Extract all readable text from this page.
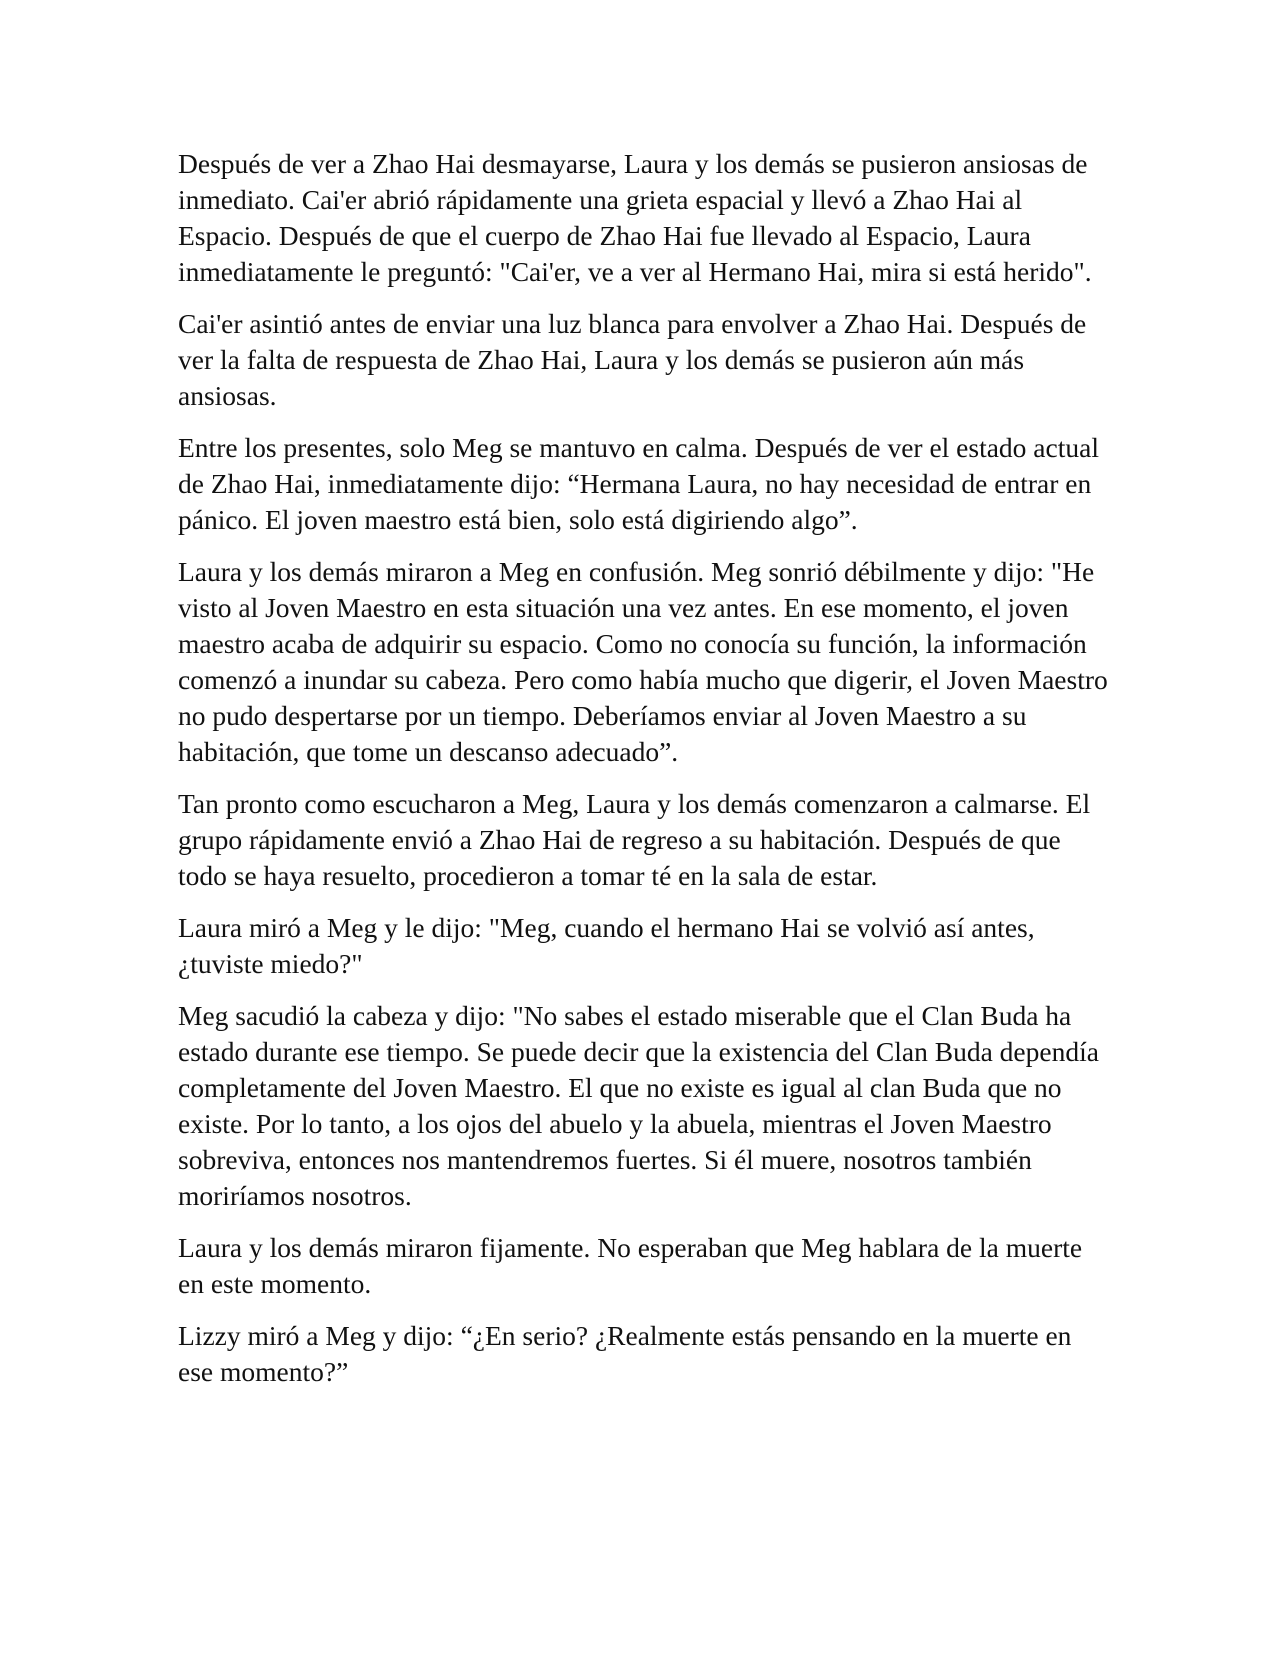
Después de ver a Zhao Hai desmayarse, Laura y los demás se pusieron ansiosas de inmediato. Cai'er abrió rápidamente una grieta espacial y llevó a Zhao Hai al Espacio. Después de que el cuerpo de Zhao Hai fue llevado al Espacio, Laura inmediatamente le preguntó: "Cai'er, ve a ver al Hermano Hai, mira si está herido".

Cai'er asintió antes de enviar una luz blanca para envolver a Zhao Hai. Después de ver la falta de respuesta de Zhao Hai, Laura y los demás se pusieron aún más ansiosas.

Entre los presentes, solo Meg se mantuvo en calma. Después de ver el estado actual de Zhao Hai, inmediatamente dijo: “Hermana Laura, no hay necesidad de entrar en pánico. El joven maestro está bien, solo está digiriendo algo”.

Laura y los demás miraron a Meg en confusión. Meg sonrió débilmente y dijo: "He visto al Joven Maestro en esta situación una vez antes. En ese momento, el joven maestro acaba de adquirir su espacio. Como no conocía su función, la información comenzó a inundar su cabeza. Pero como había mucho que digerir, el Joven Maestro no pudo despertarse por un tiempo. Deberíamos enviar al Joven Maestro a su habitación, que tome un descanso adecuado”.

Tan pronto como escucharon a Meg, Laura y los demás comenzaron a calmarse. El grupo rápidamente envió a Zhao Hai de regreso a su habitación. Después de que todo se haya resuelto, procedieron a tomar té en la sala de estar.

Laura miró a Meg y le dijo: "Meg, cuando el hermano Hai se volvió así antes, ¿tuviste miedo?"

Meg sacudió la cabeza y dijo: "No sabes el estado miserable que el Clan Buda ha estado durante ese tiempo. Se puede decir que la existencia del Clan Buda dependía completamente del Joven Maestro. El que no existe es igual al clan Buda que no existe. Por lo tanto, a los ojos del abuelo y la abuela, mientras el Joven Maestro sobreviva, entonces nos mantendremos fuertes. Si él muere, nosotros también moriríamos nosotros.

Laura y los demás miraron fijamente. No esperaban que Meg hablara de la muerte en este momento.

Lizzy miró a Meg y dijo: “¿En serio? ¿Realmente estás pensando en la muerte en ese momento?”
